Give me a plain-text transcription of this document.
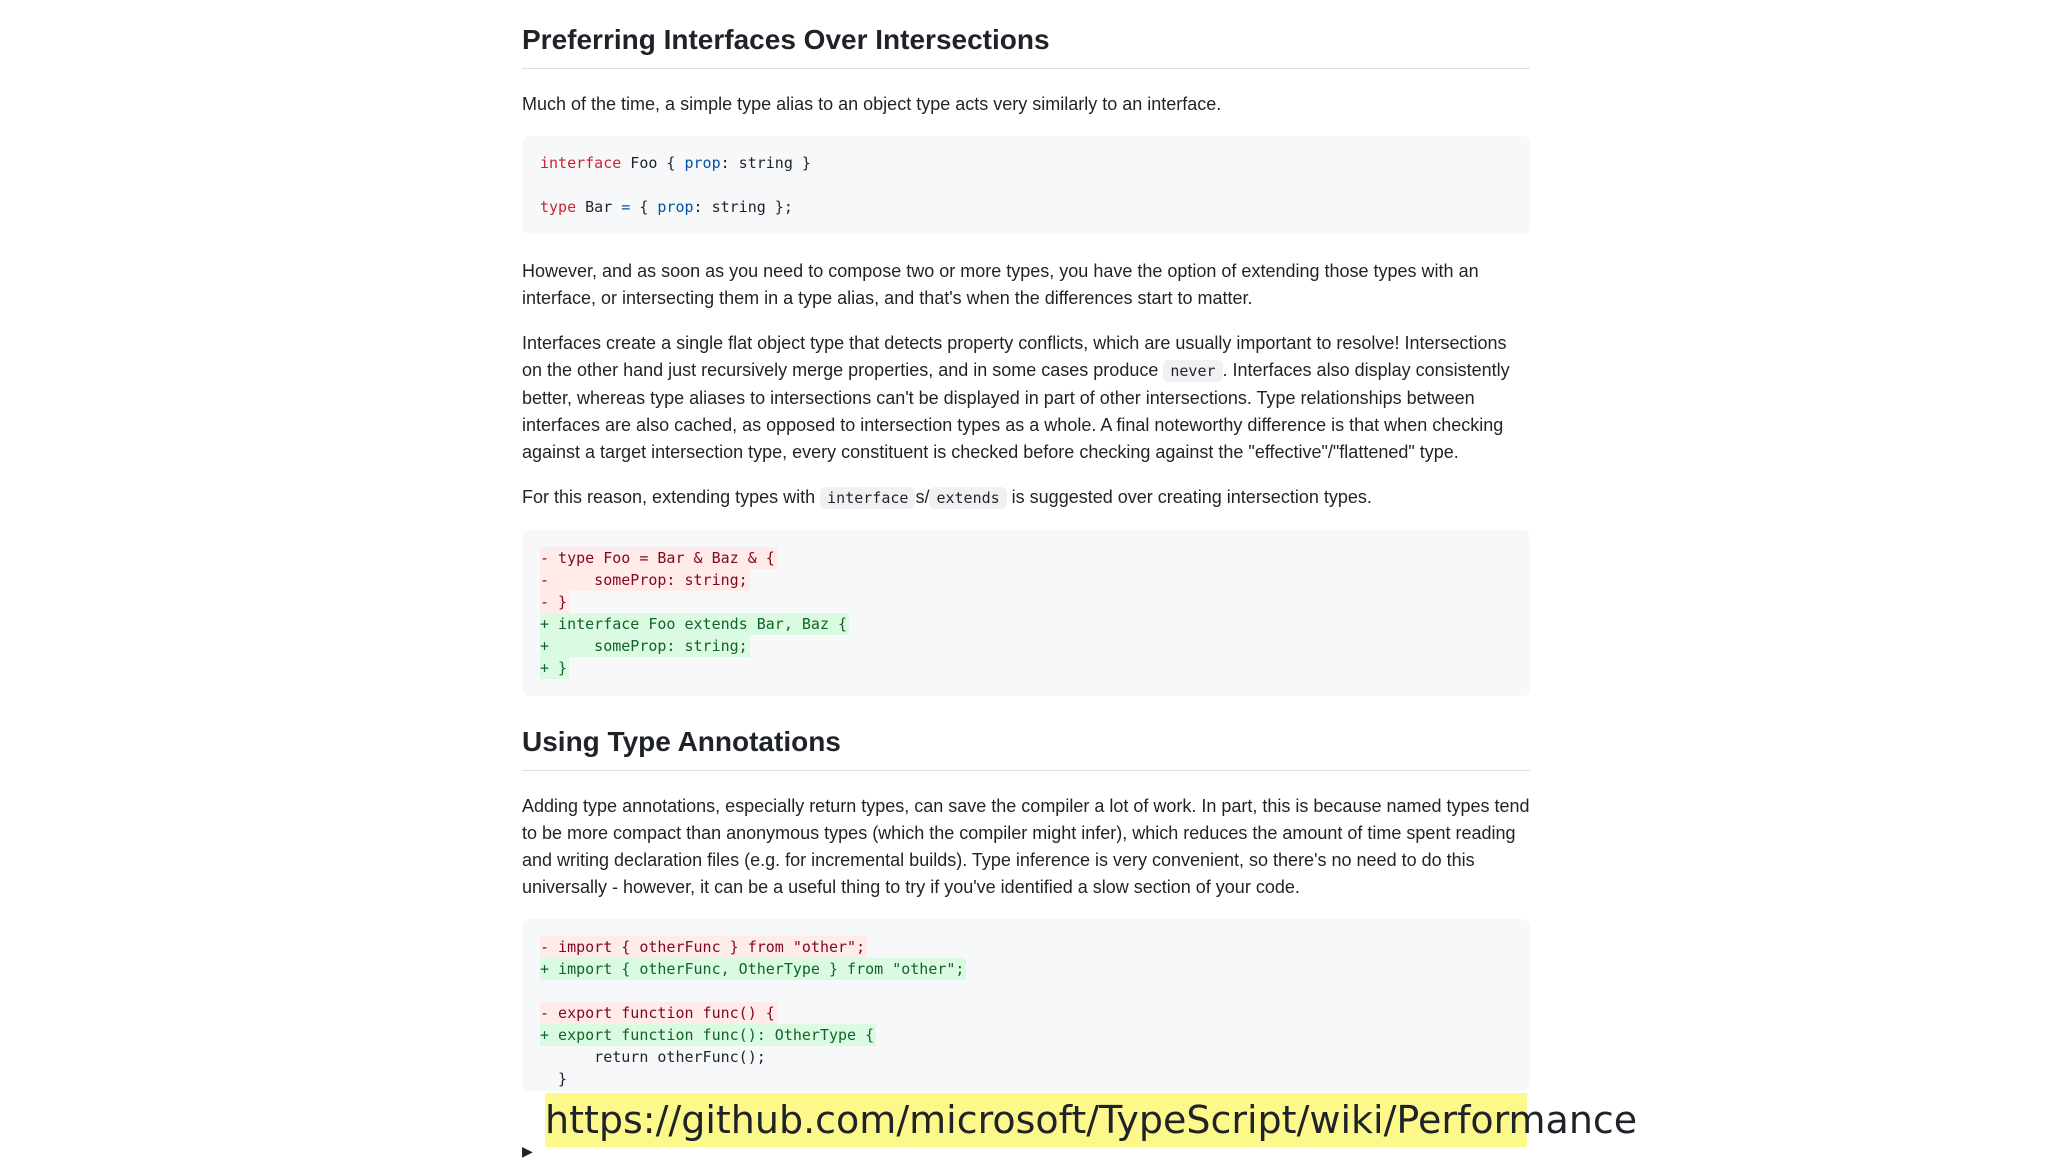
Preferring Interfaces Over Intersections

Much of the time, a simple type alias to an object type acts very similarly to an interface.

interface Foo { prop: string }
type Bar = { prop: string };

However, and as soon as you need to compose two or more types, you have the option of extending those types with an interface, or intersecting them in a type alias, and that's when the differences start to matter.

Interfaces create a single flat object type that detects property conflicts, which are usually important to resolve! Intersections on the other hand just recursively merge properties, and in some cases produce never . Interfaces also display consistently better, whereas type aliases to intersections can't be displayed in part of other intersections. Type relationships between interfaces are also cached, as opposed to intersection types as a whole. A final noteworthy difference is that when checking against a target intersection type, every constituent is checked before checking against the "effective"/"flattened" type.

For this reason, extending types with interface s/ extends is suggested over creating intersection types.

- type Foo = Bar & Baz & {
-     someProp: string;
- }
+ interface Foo extends Bar, Baz {
+     someProp: string;
+ }
Using Type Annotations

Adding type annotations, especially return types, can save the compiler a lot of work. In part, this is because named types tend to be more compact than anonymous types (which the compiler might infer), which reduces the amount of time spent reading and writing declaration files (e.g. for incremental builds). Type inference is very convenient, so there's no need to do this universally - however, it can be a useful thing to try if you've identified a slow section of your code.

- import { otherFunc } from "other";
+ import { otherFunc, OtherType } from "other";
- export function func() {
+ export function func(): OtherType {
return otherFunc();
}
▶
https://github.com/microsoft/TypeScript/wiki/Performance
